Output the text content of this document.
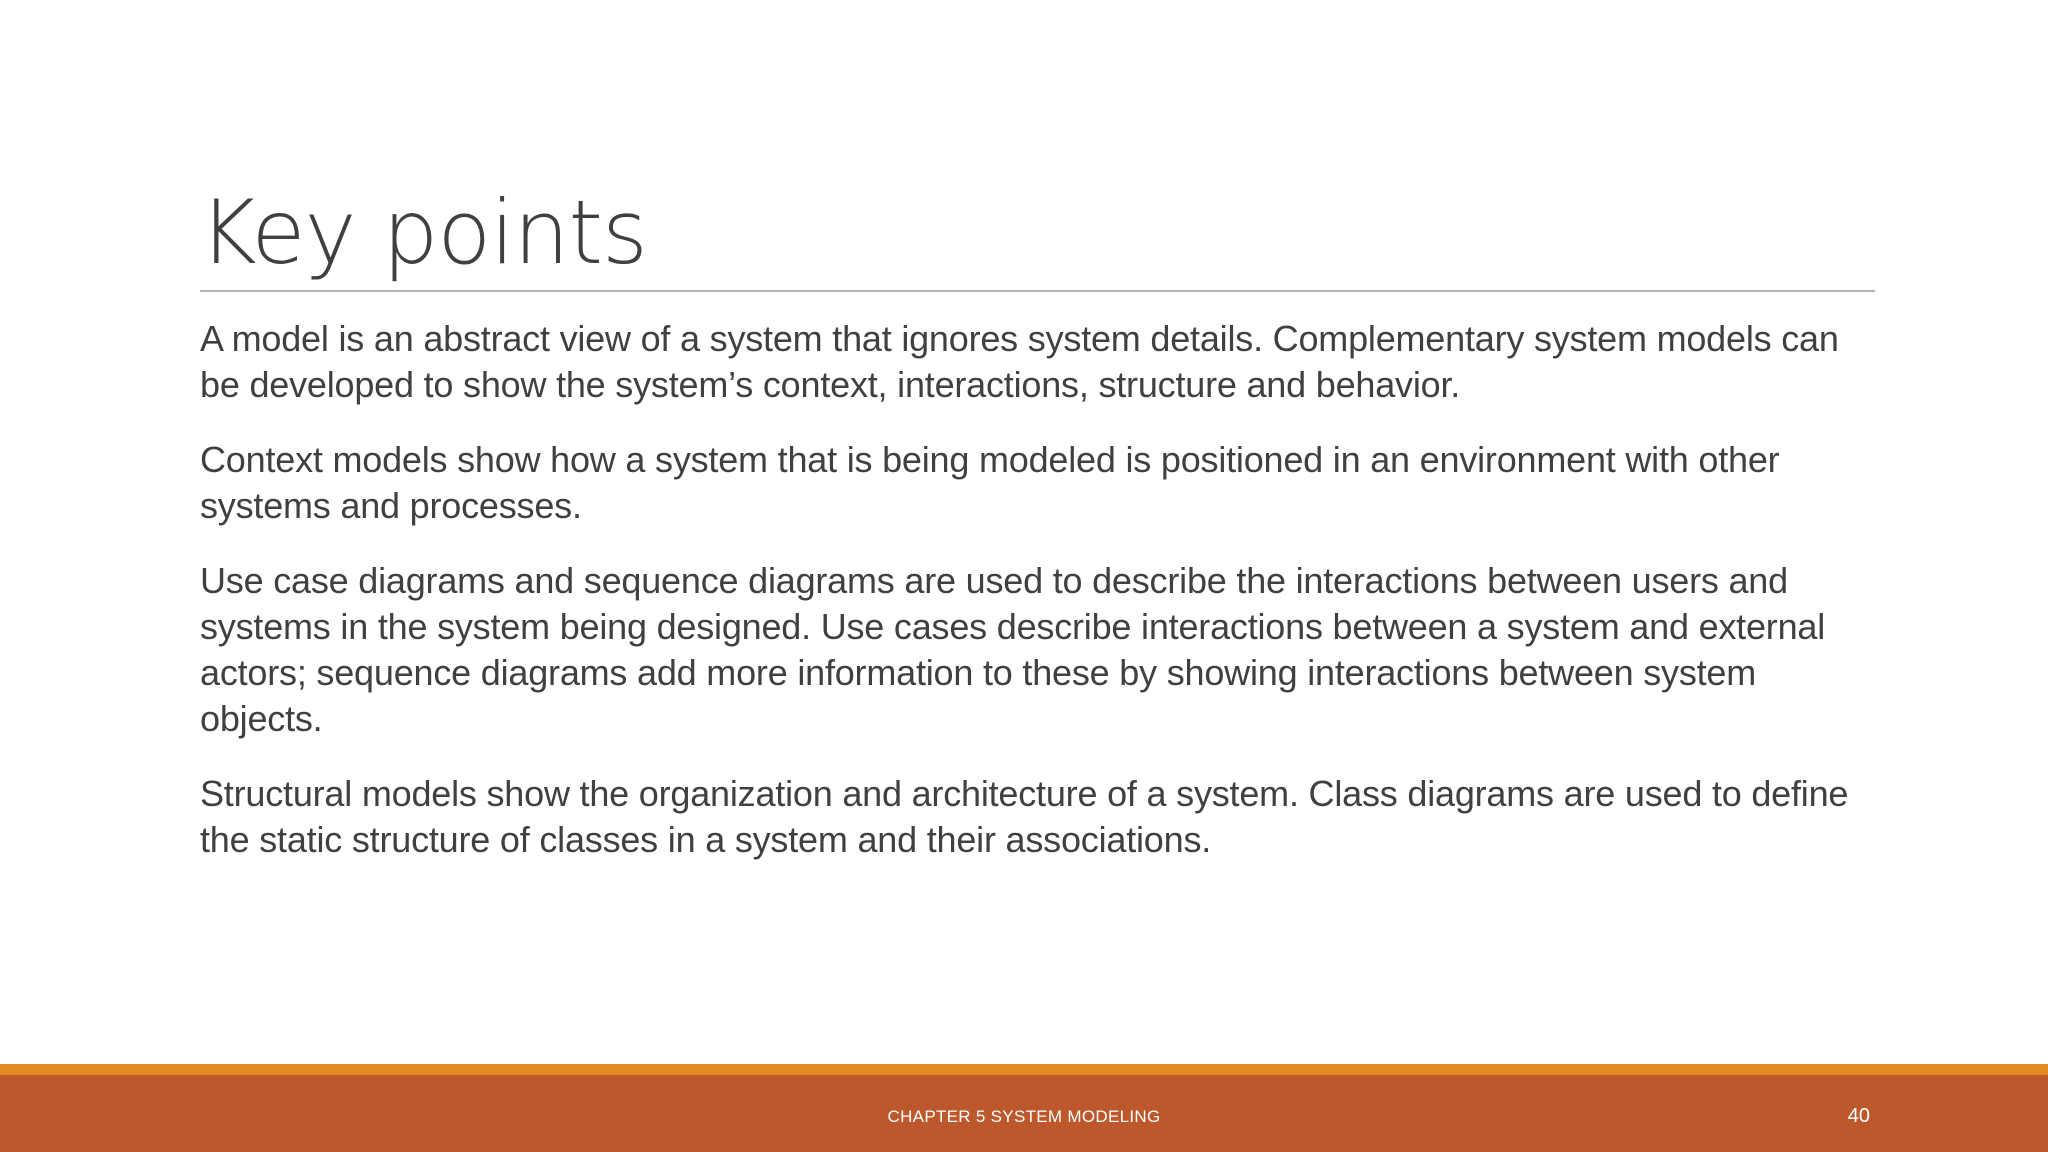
Key points

A model is an abstract view of a system that ignores system details. Complementary system models can be developed to show the system’s context, interactions, structure and behavior.

Context models show how a system that is being modeled is positioned in an environment with other systems and processes.

Use case diagrams and sequence diagrams are used to describe the interactions between users and systems in the system being designed. Use cases describe interactions between a system and external actors; sequence diagrams add more information to these by showing interactions between system objects.

Structural models show the organization and architecture of a system. Class diagrams are used to define the static structure of classes in a system and their associations.

CHAPTER 5 SYSTEM MODELING	40
